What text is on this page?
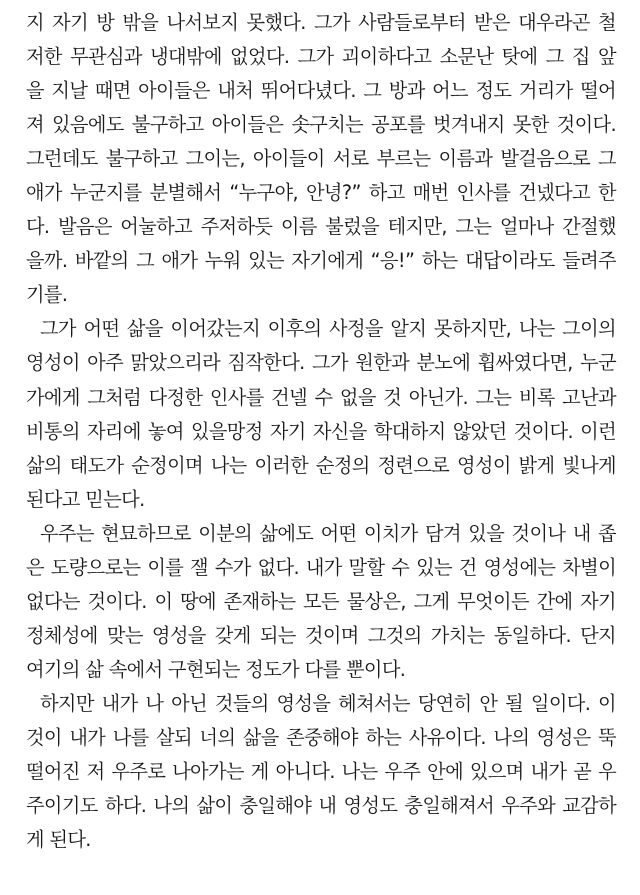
지 자기 방 밖을 나서보지 못했다. 그가 사람들로부터 받은 대우라곤 철
저한 무관심과 냉대밖에 없었다. 그가 괴이하다고 소문난 탓에 그 집 앞
을 지날 때면 아이들은 내처 뛰어다녔다. 그 방과 어느 정도 거리가 떨어
져 있음에도 불구하고 아이들은 솟구치는 공포를 벗겨내지 못한 것이다.
그런데도 불구하고 그이는, 아이들이 서로 부르는 이름과 발걸음으로 그
애가 누군지를 분별해서 “누구야, 안녕?” 하고 매번 인사를 건넸다고 한
다. 발음은 어눌하고 주저하듯 이름 불렀을 테지만, 그는 얼마나 간절했
을까. 바깥의 그 애가 누워 있는 자기에게 “응!” 하는 대답이라도 들려주
기를.
그가 어떤 삶을 이어갔는지 이후의 사정을 알지 못하지만, 나는 그이의
영성이 아주 맑았으리라 짐작한다. 그가 원한과 분노에 휩싸였다면, 누군
가에게 그처럼 다정한 인사를 건넬 수 없을 것 아닌가. 그는 비록 고난과
비통의 자리에 놓여 있을망정 자기 자신을 학대하지 않았던 것이다. 이런
삶의 태도가 순정이며 나는 이러한 순정의 정련으로 영성이 밝게 빛나게
된다고 믿는다.
우주는 현묘하므로 이분의 삶에도 어떤 이치가 담겨 있을 것이나 내 좁
은 도량으로는 이를 잴 수가 없다. 내가 말할 수 있는 건 영성에는 차별이
없다는 것이다. 이 땅에 존재하는 모든 물상은, 그게 무엇이든 간에 자기
정체성에 맞는 영성을 갖게 되는 것이며 그것의 가치는 동일하다. 단지
여기의 삶 속에서 구현되는 정도가 다를 뿐이다.
하지만 내가 나 아닌 것들의 영성을 헤쳐서는 당연히 안 될 일이다. 이
것이 내가 나를 살되 너의 삶을 존중해야 하는 사유이다. 나의 영성은 뚝
떨어진 저 우주로 나아가는 게 아니다. 나는 우주 안에 있으며 내가 곧 우
주이기도 하다. 나의 삶이 충일해야 내 영성도 충일해져서 우주와 교감하
게 된다.
